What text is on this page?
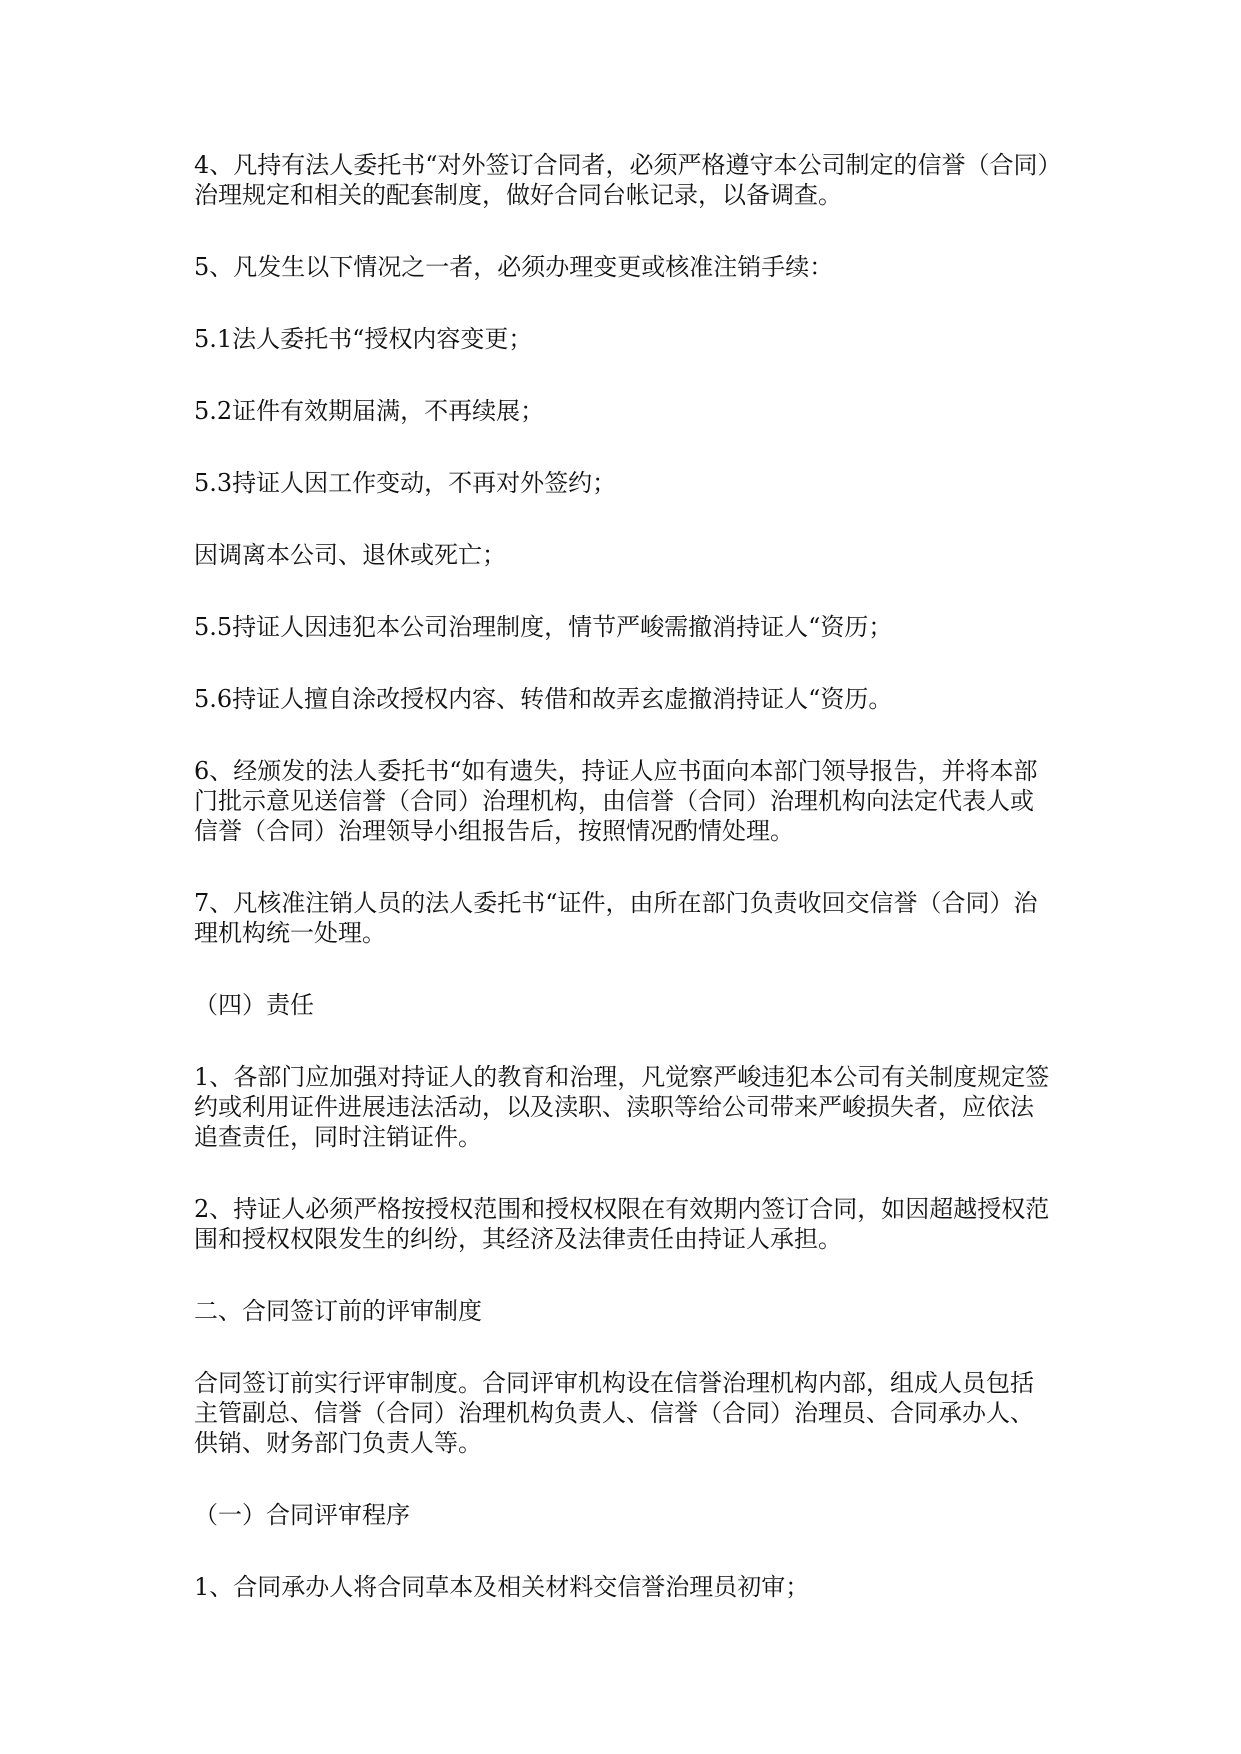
4、凡持有法人委托书“对外签订合同者，必须严格遵守本公司制定的信誉（合同）治理规定和相关的配套制度，做好合同台帐记录，以备调查。

5、凡发生以下情况之一者，必须办理变更或核准注销手续：

5.1法人委托书“授权内容变更；

5.2证件有效期届满，不再续展；

5.3持证人因工作变动，不再对外签约；

因调离本公司、退休或死亡；

5.5持证人因违犯本公司治理制度，情节严峻需撤消持证人“资历；

5.6持证人擅自涂改授权内容、转借和故弄玄虚撤消持证人“资历。

6、经颁发的法人委托书“如有遗失，持证人应书面向本部门领导报告，并将本部门批示意见送信誉（合同）治理机构，由信誉（合同）治理机构向法定代表人或信誉（合同）治理领导小组报告后，按照情况酌情处理。

7、凡核准注销人员的法人委托书“证件，由所在部门负责收回交信誉（合同）治理机构统一处理。

（四）责任

1、各部门应加强对持证人的教育和治理，凡觉察严峻违犯本公司有关制度规定签约或利用证件进展违法活动，以及渎职、渎职等给公司带来严峻损失者，应依法追查责任，同时注销证件。

2、持证人必须严格按授权范围和授权权限在有效期内签订合同，如因超越授权范围和授权权限发生的纠纷，其经济及法律责任由持证人承担。

二、合同签订前的评审制度

合同签订前实行评审制度。合同评审机构设在信誉治理机构内部，组成人员包括主管副总、信誉（合同）治理机构负责人、信誉（合同）治理员、合同承办人、供销、财务部门负责人等。

（一）合同评审程序

1、合同承办人将合同草本及相关材料交信誉治理员初审；
